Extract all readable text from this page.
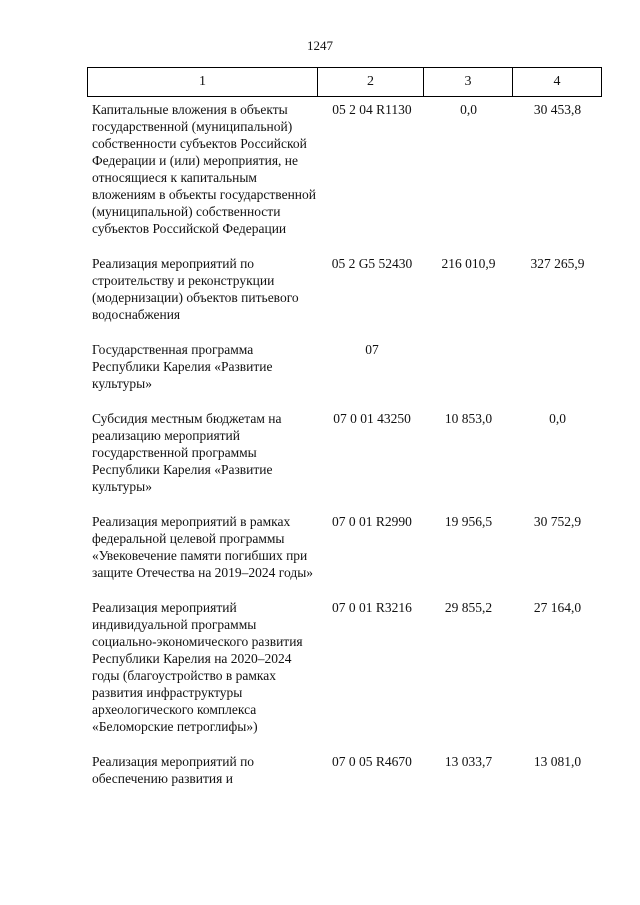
1247
1	2	3	4
Капитальные вложения в объекты государственной (муниципальной) собственности субъектов Российской Федерации и (или) мероприятия, не относящиеся к капитальным вложениям в объекты государственной (муниципальной) собственности субъектов Российской Федерации
05 2 04 R1130	0,0	30 453,8
Реализация мероприятий по строительству и реконструкции (модернизации) объектов питьевого водоснабжения
05 2 G5 52430	216 010,9	327 265,9
Государственная программа Республики Карелия «Развитие культуры»
07
Субсидия местным бюджетам на реализацию мероприятий государственной программы Республики Карелия «Развитие культуры»
07 0 01 43250	10 853,0	0,0
Реализация мероприятий в рамках федеральной целевой программы «Увековечение памяти погибших при защите Отечества на 2019–2024 годы»
07 0 01 R2990	19 956,5	30 752,9
Реализация мероприятий индивидуальной программы социально-экономического развития Республики Карелия на 2020–2024 годы (благоустройство в рамках развития инфраструктуры археологического комплекса «Беломорские петроглифы»)
07 0 01 R3216	29 855,2	27 164,0
Реализация мероприятий по обеспечению развития и
07 0 05 R4670	13 033,7	13 081,0
